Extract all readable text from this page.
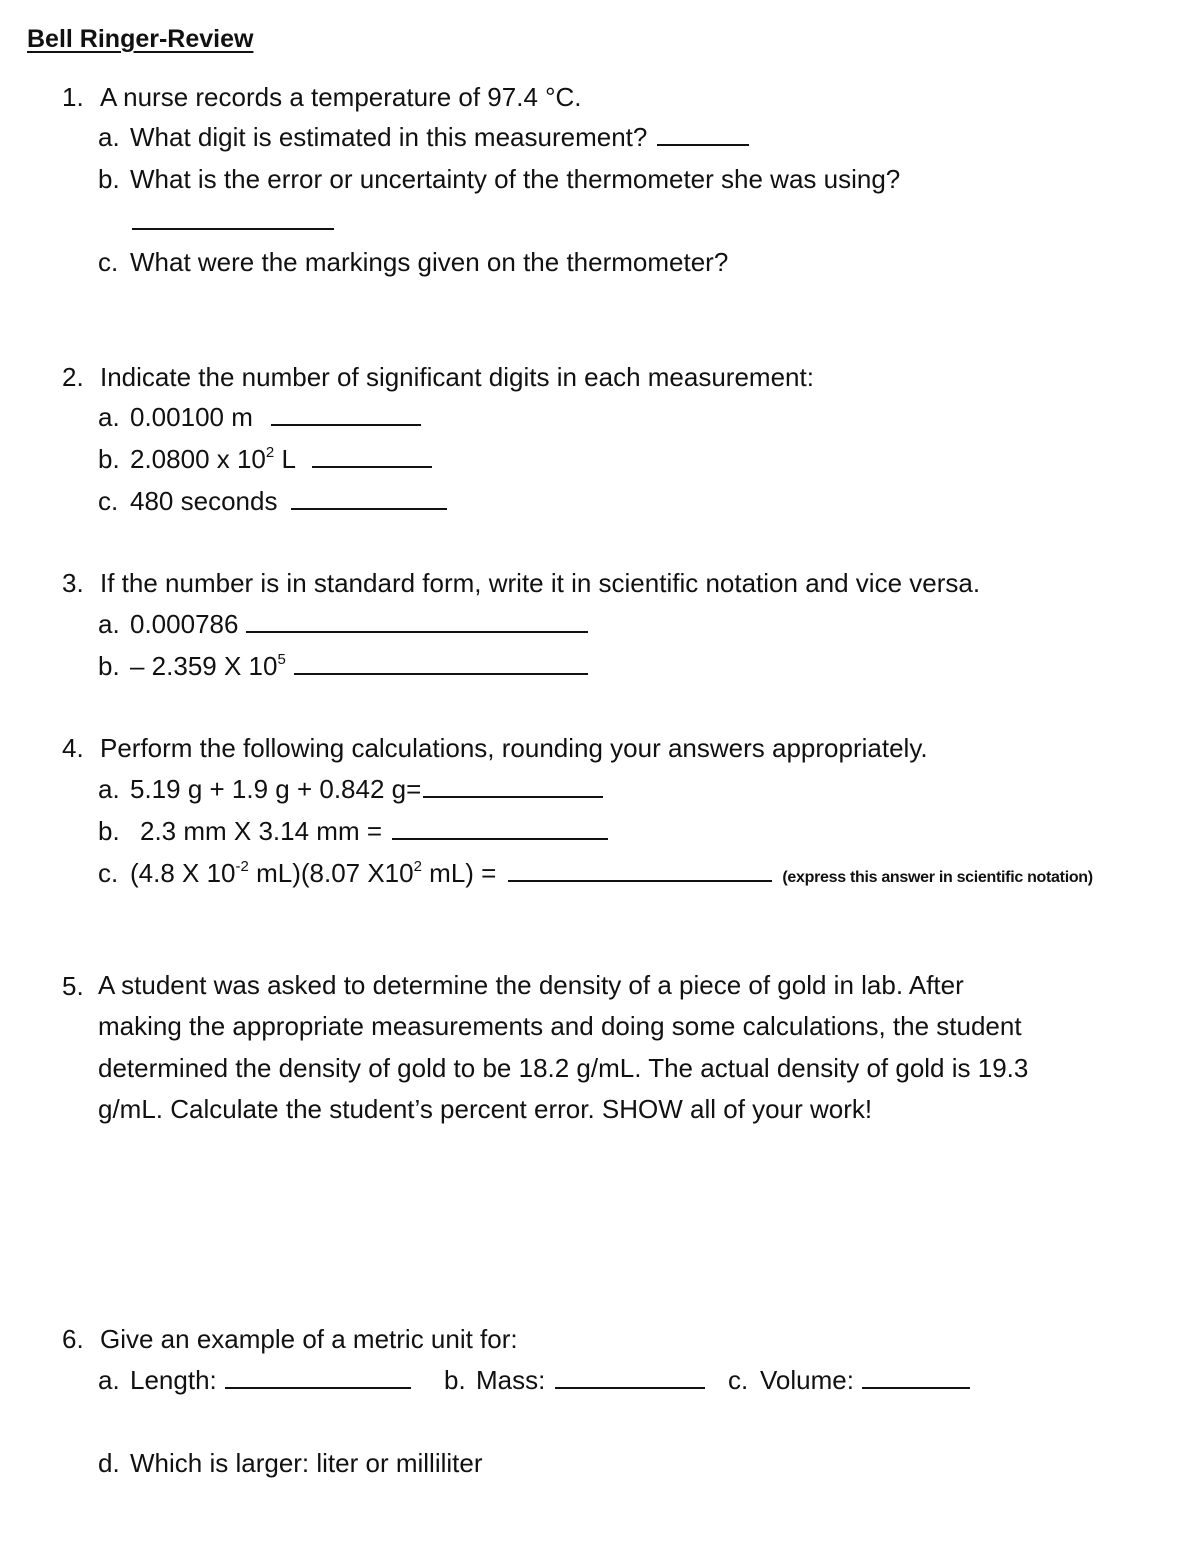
Bell Ringer-Review
1. A nurse records a temperature of 97.4 °C.
a. What digit is estimated in this measurement?
b. What is the error or uncertainty of the thermometer she was using?
c. What were the markings given on the thermometer?
2. Indicate the number of significant digits in each measurement:
a. 0.00100 m
b. 2.0800 x $10^2$ L
c. 480 seconds
3. If the number is in standard form, write it in scientific notation and vice versa.
a. 0.000786
b. – 2.359 X $10^5$
4. Perform the following calculations, rounding your answers appropriately.
a. 5.19 g + 1.9 g + 0.842 g=
b. 2.3 mm X 3.14 mm =
c. (4.8 X $10^{-2}$ mL)(8.07 $X10^2$ mL) =	(express this answer in scientific notation)
5. A student was asked to determine the density of a piece of gold in lab. After
making the appropriate measurements and doing some calculations, the student
determined the density of gold to be 18.2 g/mL. The actual density of gold is 19.3
g/mL. Calculate the student’s percent error. SHOW all of your work!
6. Give an example of a metric unit for:
a. Length:	b. Mass:	c. Volume:
d. Which is larger: liter or milliliter
